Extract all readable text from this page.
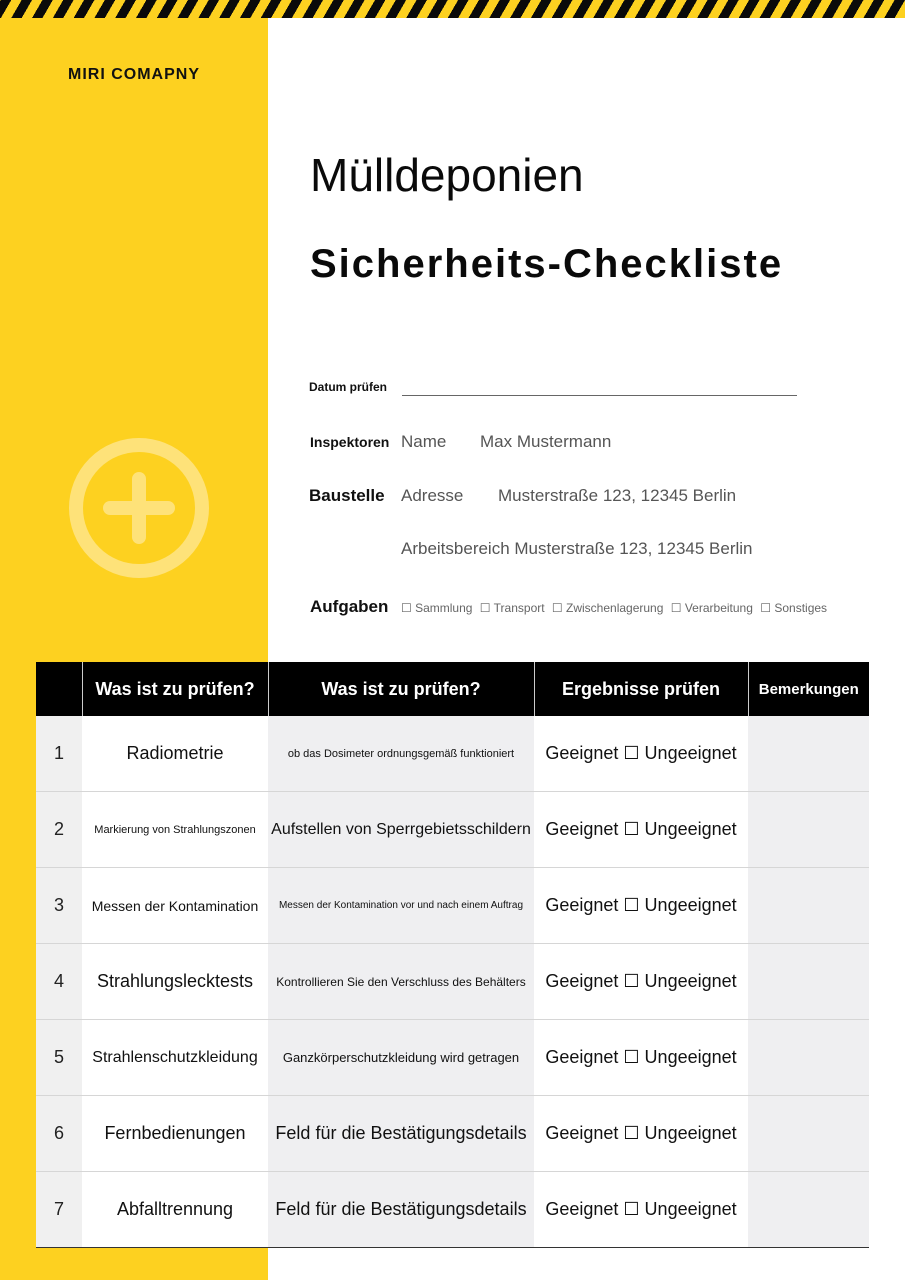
MIRI COMAPNY
Mülldeponien
Sicherheits-Checkliste
Datum prüfen
Inspektoren Name Max Mustermann
Baustelle Adresse Musterstraße 123, 12345 Berlin
Arbeitsbereich Musterstraße 123, 12345 Berlin
Aufgaben ☐ Sammlung ☐ Transport ☐ Zwischenlagerung ☐ Verarbeitung ☐ Sonstiges
	Was ist zu prüfen?	Was ist zu prüfen?	Ergebnisse prüfen	Bemerkungen
1	Radiometrie	ob das Dosimeter ordnungsgemäß funktioniert	Geeignet ☐ Ungeeignet	
2	Markierung von Strahlungszonen	Aufstellen von Sperrgebietsschildern	Geeignet ☐ Ungeeignet	
3	Messen der Kontamination	Messen der Kontamination vor und nach einem Auftrag	Geeignet ☐ Ungeeignet	
4	Strahlungslecktests	Kontrollieren Sie den Verschluss des Behälters	Geeignet ☐ Ungeeignet	
5	Strahlenschutzkleidung	Ganzkörperschutzkleidung wird getragen	Geeignet ☐ Ungeeignet	
6	Fernbedienungen	Feld für die Bestätigungsdetails	Geeignet ☐ Ungeeignet	
7	Abfalltrennung	Feld für die Bestätigungsdetails	Geeignet ☐ Ungeeignet	
